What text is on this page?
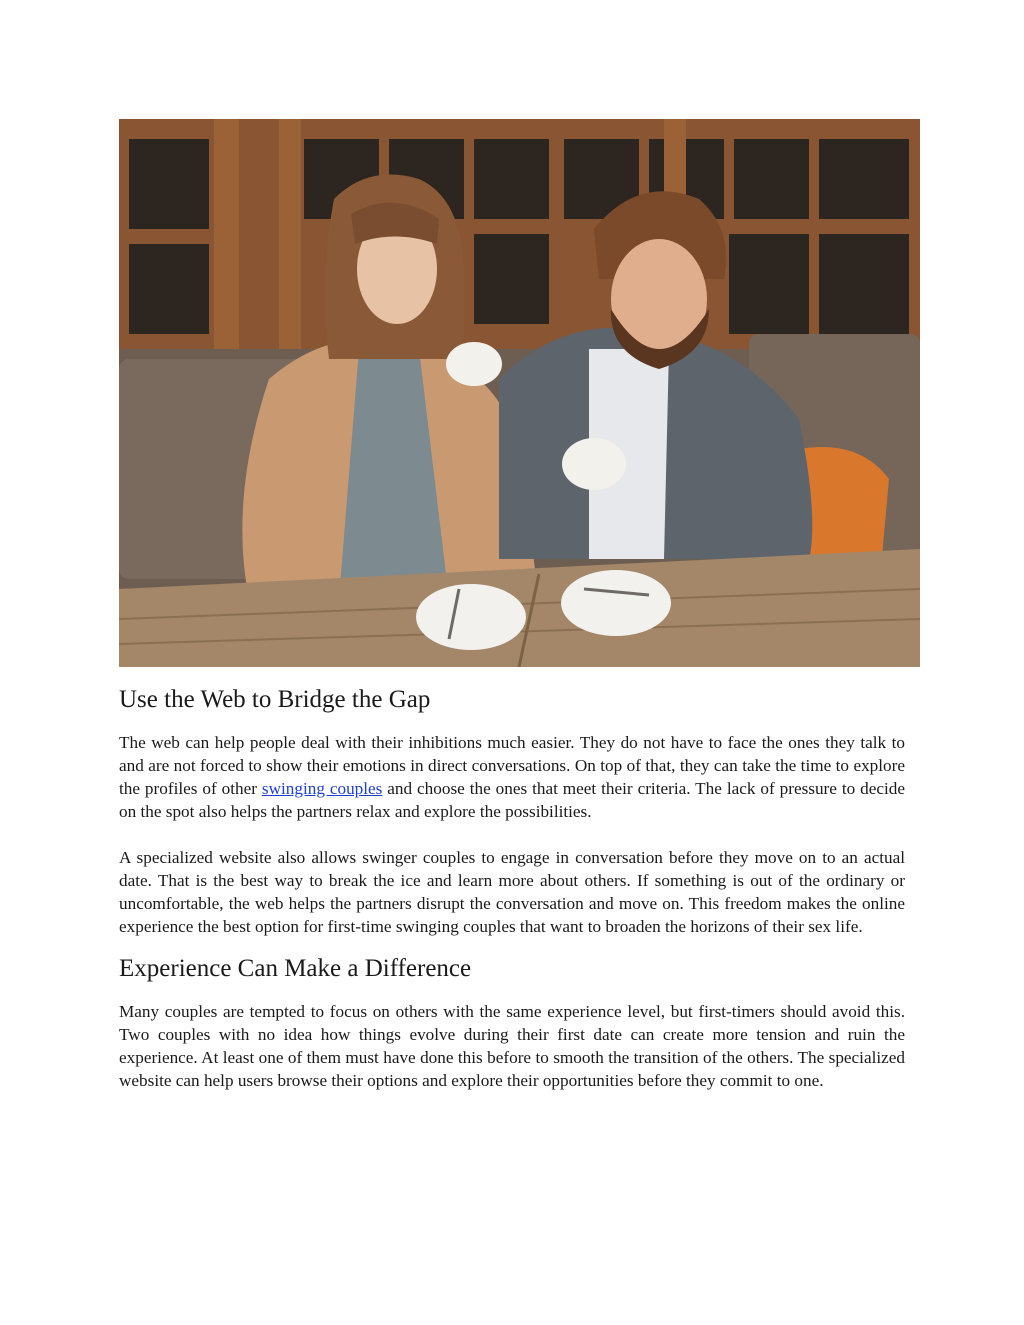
Use the Web to Bridge the Gap

The web can help people deal with their inhibitions much easier. They do not have to face the ones they talk to and are not forced to show their emotions in direct conversations. On top of that, they can take the time to explore the profiles of other swinging couples and choose the ones that meet their criteria. The lack of pressure to decide on the spot also helps the partners relax and explore the possibilities.

A specialized website also allows swinger couples to engage in conversation before they move on to an actual date. That is the best way to break the ice and learn more about others. If something is out of the ordinary or uncomfortable, the web helps the partners disrupt the conversation and move on. This freedom makes the online experience the best option for first-time swinging couples that want to broaden the horizons of their sex life.

Experience Can Make a Difference

Many couples are tempted to focus on others with the same experience level, but first-timers should avoid this. Two couples with no idea how things evolve during their first date can create more tension and ruin the experience. At least one of them must have done this before to smooth the transition of the others. The specialized website can help users browse their options and explore their opportunities before they commit to one.
